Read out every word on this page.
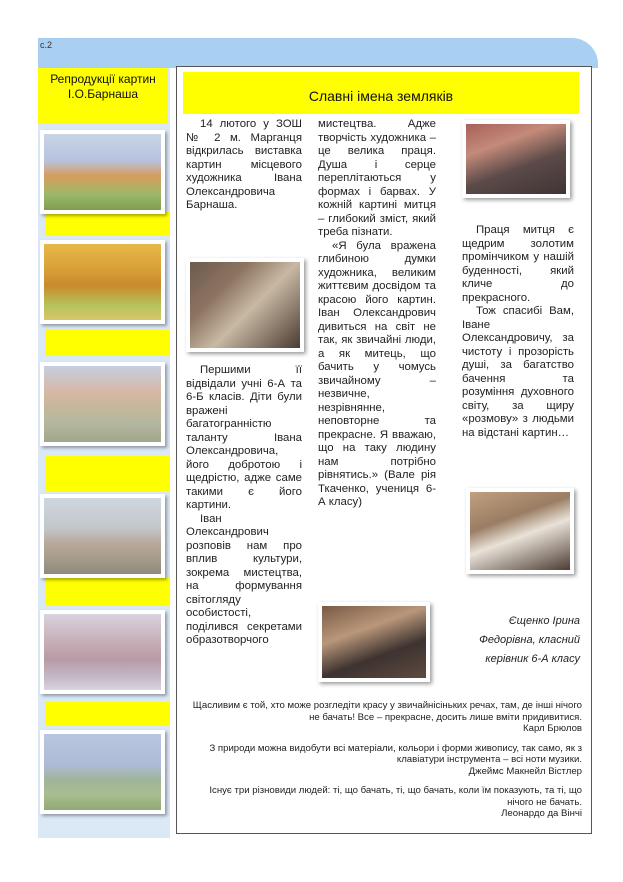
с.2
Репродукції картин І.О.Барнаша	Славні імена земляків

14 лютого у ЗОШ № 2 м. Марганця відкрилась виставка картин місцевого художника Івана Олександровича Барнаша.

Першими її відвідали учні 6-А та 6-Б класів. Діти були вражені багатогранністю таланту Івана Олександровича, його добротою і щедрістю, адже саме такими є його картини.

Іван Олександрович розповів нам про вплив культури, зокрема мистецтва, на формування світогляду особистості, поділився секретами образотворчого

мистецтва. Адже творчість художника – це велика праця. Душа і серце переплітаються у формах і барвах. У кожній картині митця – глибокий зміст, який треба пізнати.

«Я була вражена глибиною думки художника, великим життєвим досвідом та красою його картин. Іван Олександрович дивиться на світ не так, як звичайні люди, а як митець, що бачить у чомусь звичайному – незвичне, незрівнянне, неповторне та прекрасне. Я вважаю, що на таку людину нам потрібно рівнятись.» (Вале рія Ткаченко, учениця 6-А класу)

Праця митця є щедрим золотим промінчиком у нашій буденності, який кличе до прекрасного.

Тож спасибі Вам, Іване Олександровичу, за чистоту і прозорість душі, за багатство бачення та розуміння духовного світу, за щиру «розмову» з людьми на відстані картин…

Єщенко Ірина
Федорівна, класний
керівник 6-А класу
Щасливим є той, хто може розгледіти красу у звичайнісіньких речах, там, де інші нічого не бачать! Все – прекрасне, досить лише вміти придивитися.
Карл Брюлов
З природи можна видобути всі матеріали, кольори і форми живопису, так само, як з клавіатури інструмента – всі ноти музики.
Джеймс Макнейл Вістлер
Існує три різновиди людей: ті, що бачать, ті, що бачать, коли їм показують, та ті, що нічого не бачать.
Леонардо да Вінчі
